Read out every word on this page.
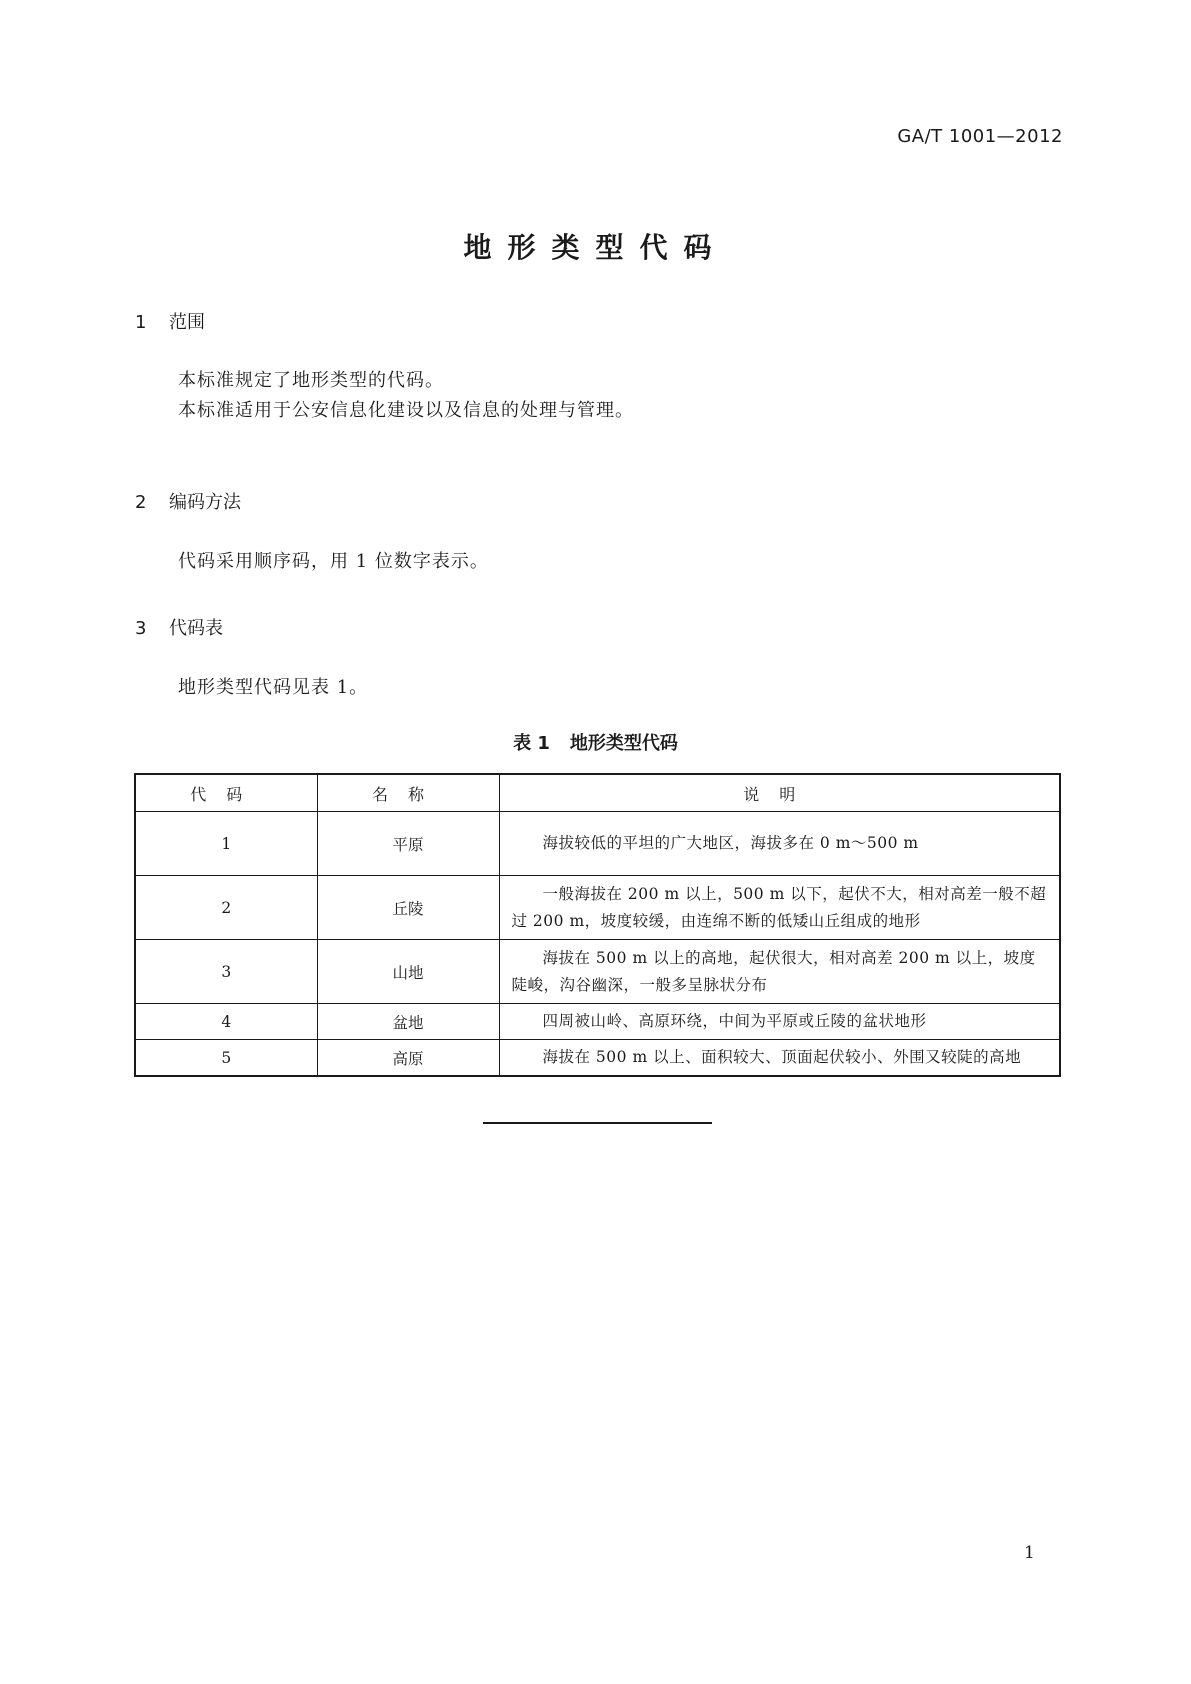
GA/T 1001—2012
地形类型代码
1 范围
本标准规定了地形类型的代码。
本标准适用于公安信息化建设以及信息的处理与管理。
2 编码方法
代码采用顺序码，用 1 位数字表示。
3 代码表
地形类型代码见表 1。
表 1 地形类型代码
代码	名称	说明
1	平原	海拔较低的平坦的广大地区，海拔多在 0 m～500 m
2	丘陵	一般海拔在 200 m 以上，500 m 以下，起伏不大，相对高差一般不超过 200 m，坡度较缓，由连绵不断的低矮山丘组成的地形
3	山地	海拔在 500 m 以上的高地，起伏很大，相对高差 200 m 以上，坡度陡峻，沟谷幽深，一般多呈脉状分布
4	盆地	四周被山岭、高原环绕，中间为平原或丘陵的盆状地形
5	高原	海拔在 500 m 以上、面积较大、顶面起伏较小、外围又较陡的高地
1
